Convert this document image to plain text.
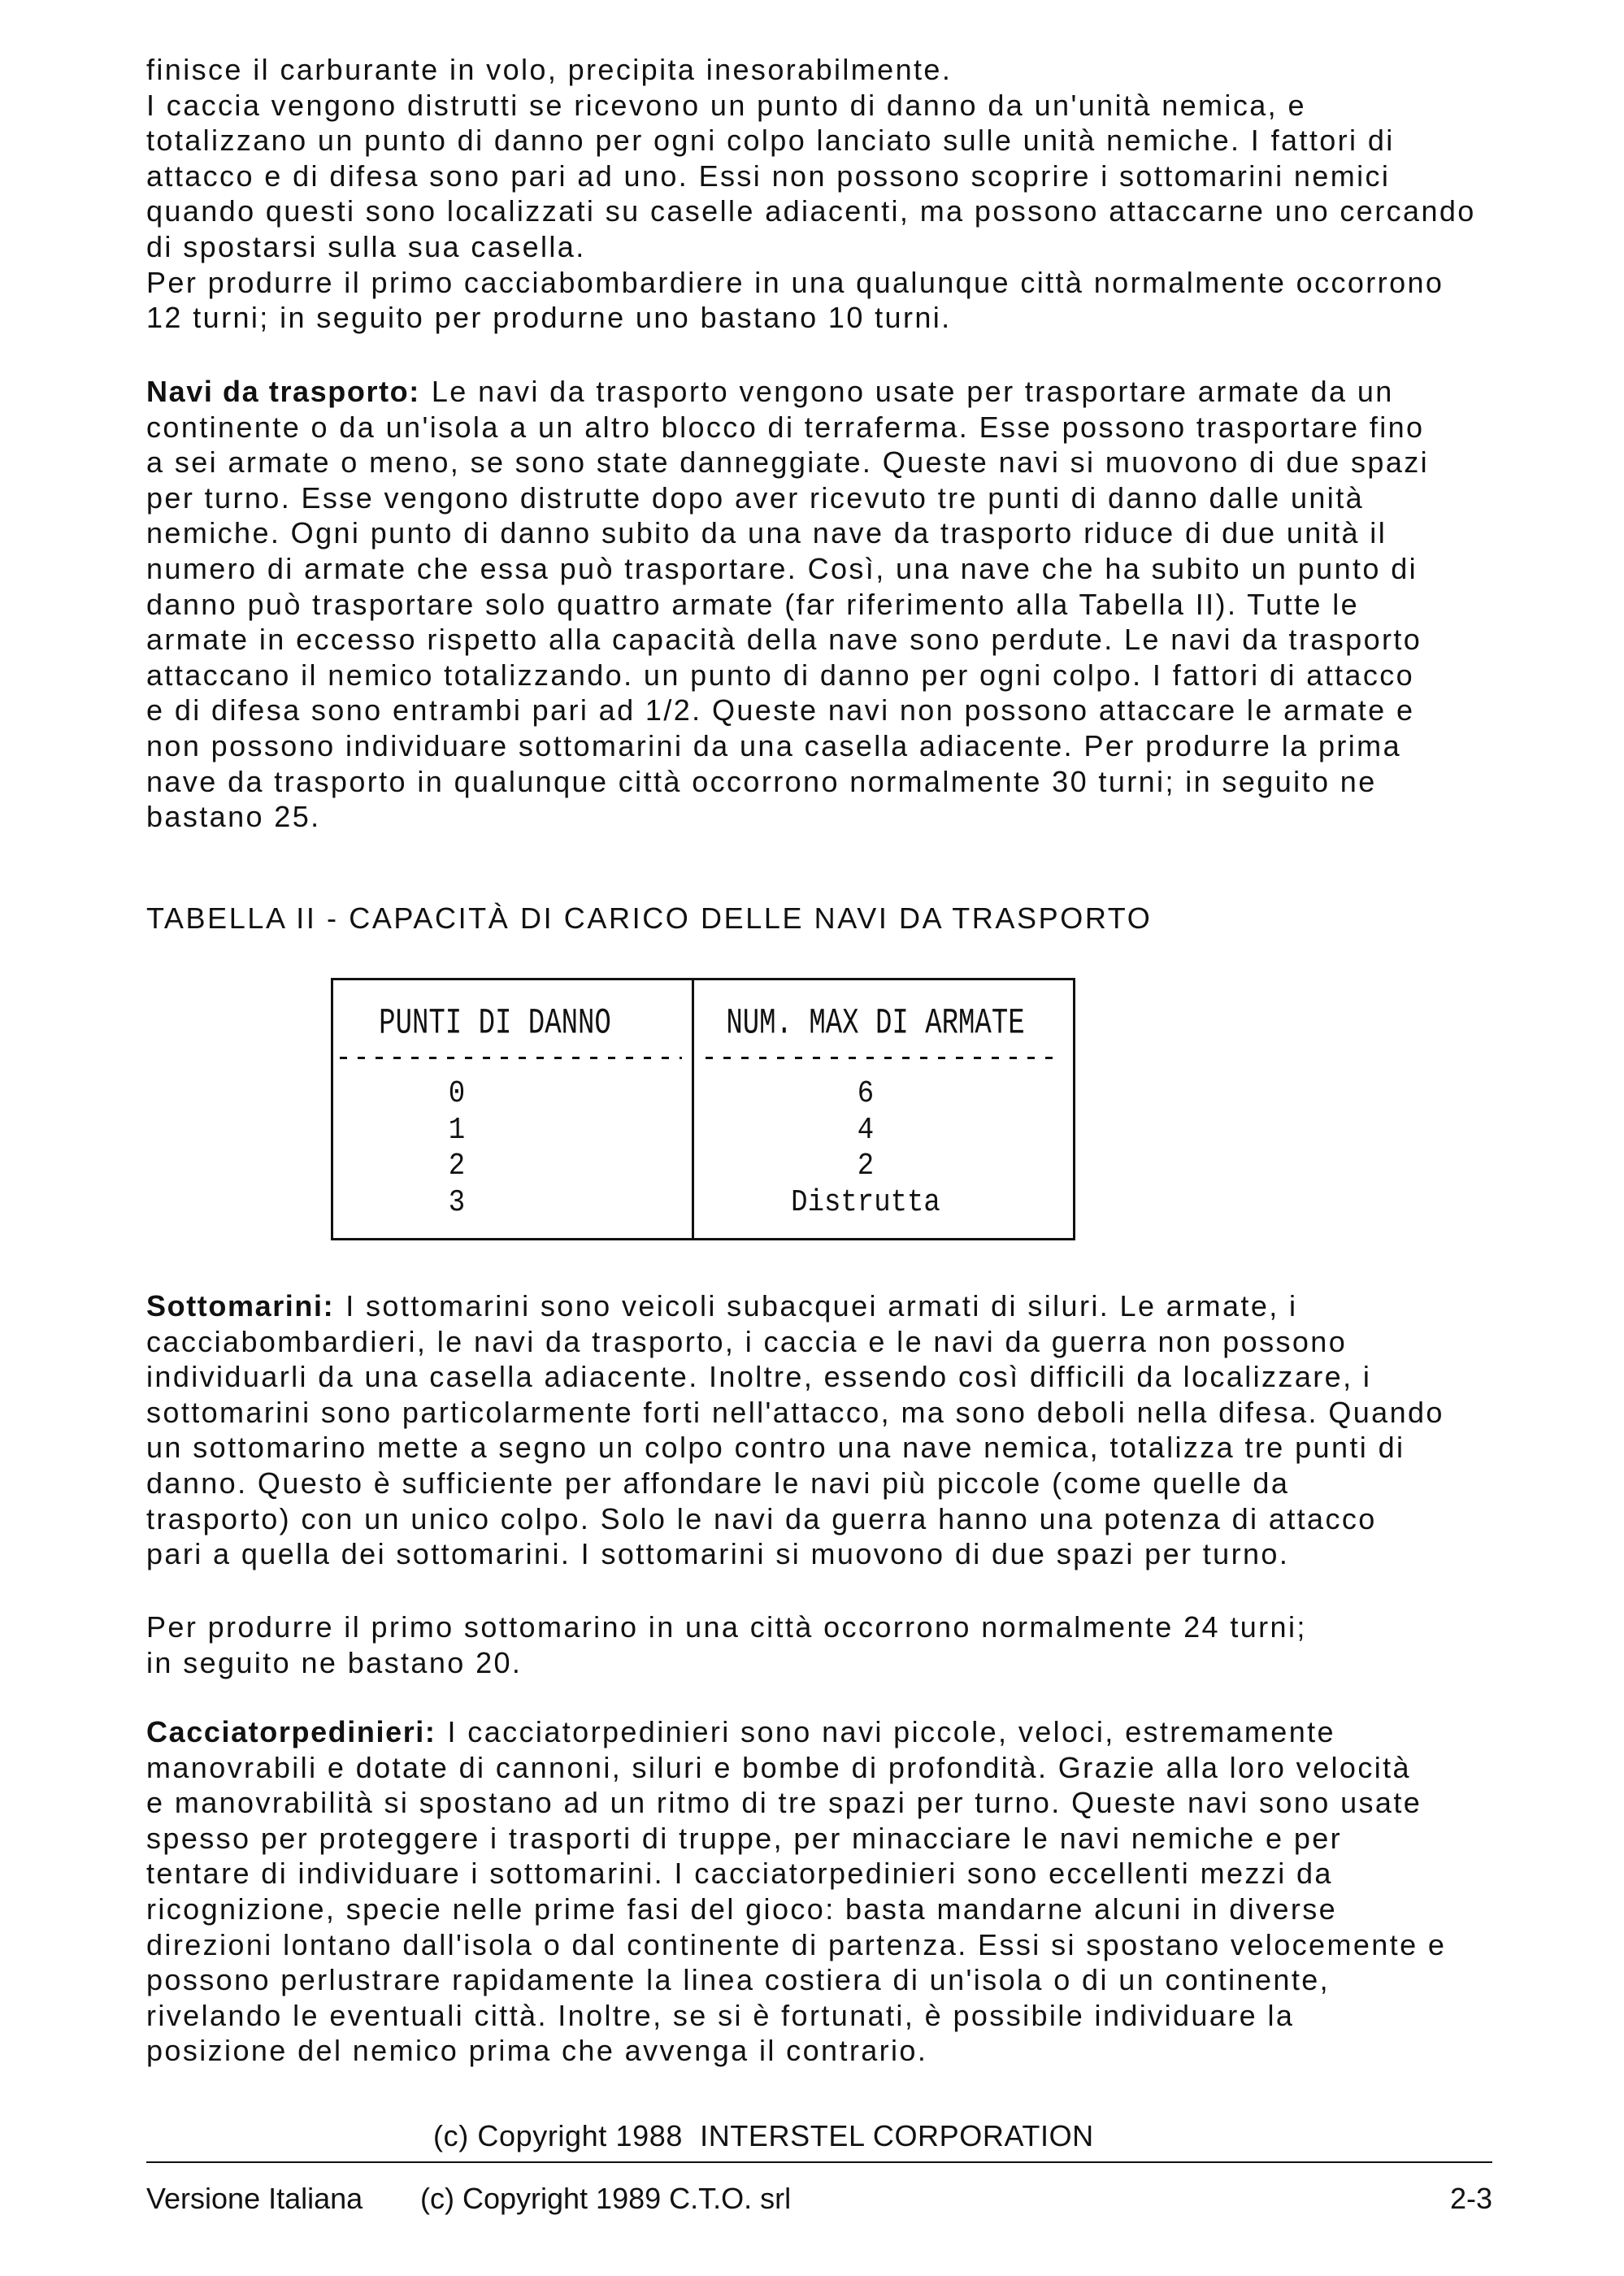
finisce il carburante in volo, precipita inesorabilmente.
I caccia vengono distrutti se ricevono un punto di danno da un'unità nemica, e
totalizzano un punto di danno per ogni colpo lanciato sulle unità nemiche. I fattori di
attacco e di difesa sono pari ad uno. Essi non possono scoprire i sottomarini nemici
quando questi sono localizzati su caselle adiacenti, ma possono attaccarne uno cercando
di spostarsi sulla sua casella.
Per produrre il primo cacciabombardiere in una qualunque città normalmente occorrono
12 turni; in seguito per produrne uno bastano 10 turni.
Navi da trasporto: Le navi da trasporto vengono usate per trasportare armate da un
continente o da un'isola a un altro blocco di terraferma. Esse possono trasportare fino
a sei armate o meno, se sono state danneggiate. Queste navi si muovono di due spazi
per turno. Esse vengono distrutte dopo aver ricevuto tre punti di danno dalle unità
nemiche. Ogni punto di danno subito da una nave da trasporto riduce di due unità il
numero di armate che essa può trasportare. Così, una nave che ha subito un punto di
danno può trasportare solo quattro armate (far riferimento alla Tabella II). Tutte le
armate in eccesso rispetto alla capacità della nave sono perdute. Le navi da trasporto
attaccano il nemico totalizzando. un punto di danno per ogni colpo. I fattori di attacco
e di difesa sono entrambi pari ad 1/2. Queste navi non possono attaccare le armate e
non possono individuare sottomarini da una casella adiacente. Per produrre la prima
nave da trasporto in qualunque città occorrono normalmente 30 turni; in seguito ne
bastano 25.
TABELLA II - CAPACITÀ DI CARICO DELLE NAVI DA TRASPORTO
PUNTI DI DANNO	NUM. MAX DI ARMATE
0	6
1	4
2	2
3	Distrutta
Sottomarini: I sottomarini sono veicoli subacquei armati di siluri. Le armate, i
cacciabombardieri, le navi da trasporto, i caccia e le navi da guerra non possono
individuarli da una casella adiacente. Inoltre, essendo così difficili da localizzare, i
sottomarini sono particolarmente forti nell'attacco, ma sono deboli nella difesa. Quando
un sottomarino mette a segno un colpo contro una nave nemica, totalizza tre punti di
danno. Questo è sufficiente per affondare le navi più piccole (come quelle da
trasporto) con un unico colpo. Solo le navi da guerra hanno una potenza di attacco
pari a quella dei sottomarini. I sottomarini si muovono di due spazi per turno.
Per produrre il primo sottomarino in una città occorrono normalmente 24 turni;
in seguito ne bastano 20.
Cacciatorpedinieri: I cacciatorpedinieri sono navi piccole, veloci, estremamente
manovrabili e dotate di cannoni, siluri e bombe di profondità. Grazie alla loro velocità
e manovrabilità si spostano ad un ritmo di tre spazi per turno. Queste navi sono usate
spesso per proteggere i trasporti di truppe, per minacciare le navi nemiche e per
tentare di individuare i sottomarini. I cacciatorpedinieri sono eccellenti mezzi da
ricognizione, specie nelle prime fasi del gioco: basta mandarne alcuni in diverse
direzioni lontano dall'isola o dal continente di partenza. Essi si spostano velocemente e
possono perlustrare rapidamente la linea costiera di un'isola o di un continente,
rivelando le eventuali città. Inoltre, se si è fortunati, è possibile individuare la
posizione del nemico prima che avvenga il contrario.
(c) Copyright 1988  INTERSTEL CORPORATION
Versione Italiana (c) Copyright 1989 C.T.O. srl	2-3
